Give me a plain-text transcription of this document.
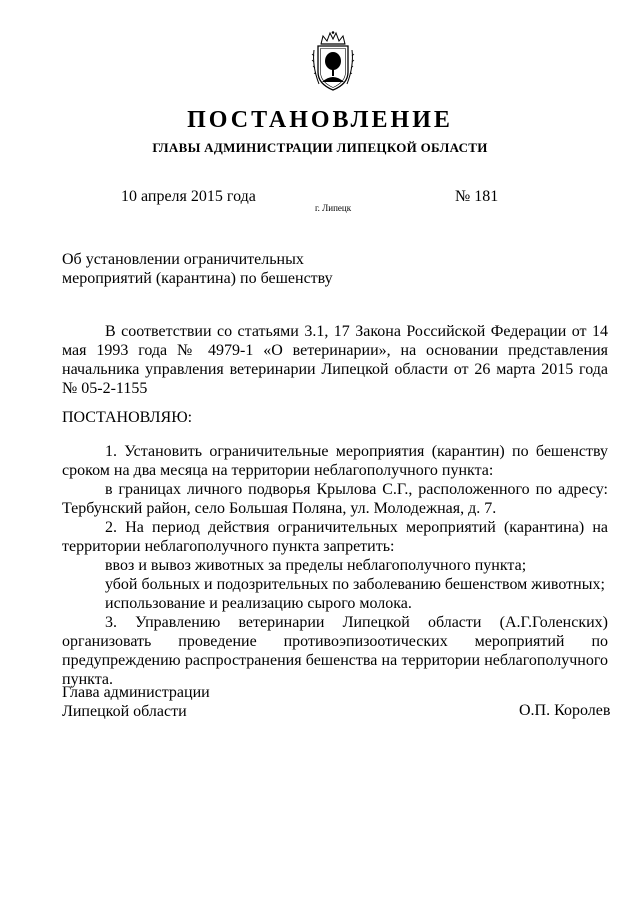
ПОСТАНОВЛЕНИЕ
ГЛАВЫ АДМИНИСТРАЦИИ ЛИПЕЦКОЙ ОБЛАСТИ
10 апреля 2015 года
г. Липецк
№ 181
Об установлении ограничительных
мероприятий (карантина) по бешенству

В соответствии со статьями 3.1, 17 Закона Российской Федерации от 14 мая 1993 года № 4979-1 «О ветеринарии», на основании представления начальника управления ветеринарии Липецкой области от 26 марта 2015 года № 05-2-1155

ПОСТАНОВЛЯЮ:

1. Установить ограничительные мероприятия (карантин) по бешенству сроком на два месяца на территории неблагополучного пункта:

в границах личного подворья Крылова С.Г., расположенного по адресу: Тербунский район, село Большая Поляна, ул. Молодежная, д. 7.

2. На период действия ограничительных мероприятий (карантина) на территории неблагополучного пункта запретить:

ввоз и вывоз животных за пределы неблагополучного пункта;

убой больных и подозрительных по заболеванию бешенством животных;

использование и реализацию сырого молока.

3. Управлению ветеринарии Липецкой области (А.Г.Голенских) организовать проведение противоэпизоотических мероприятий по предупреждению распространения бешенства на территории неблагополучного пункта.

Глава администрации
Липецкой области	О.П. Королев
